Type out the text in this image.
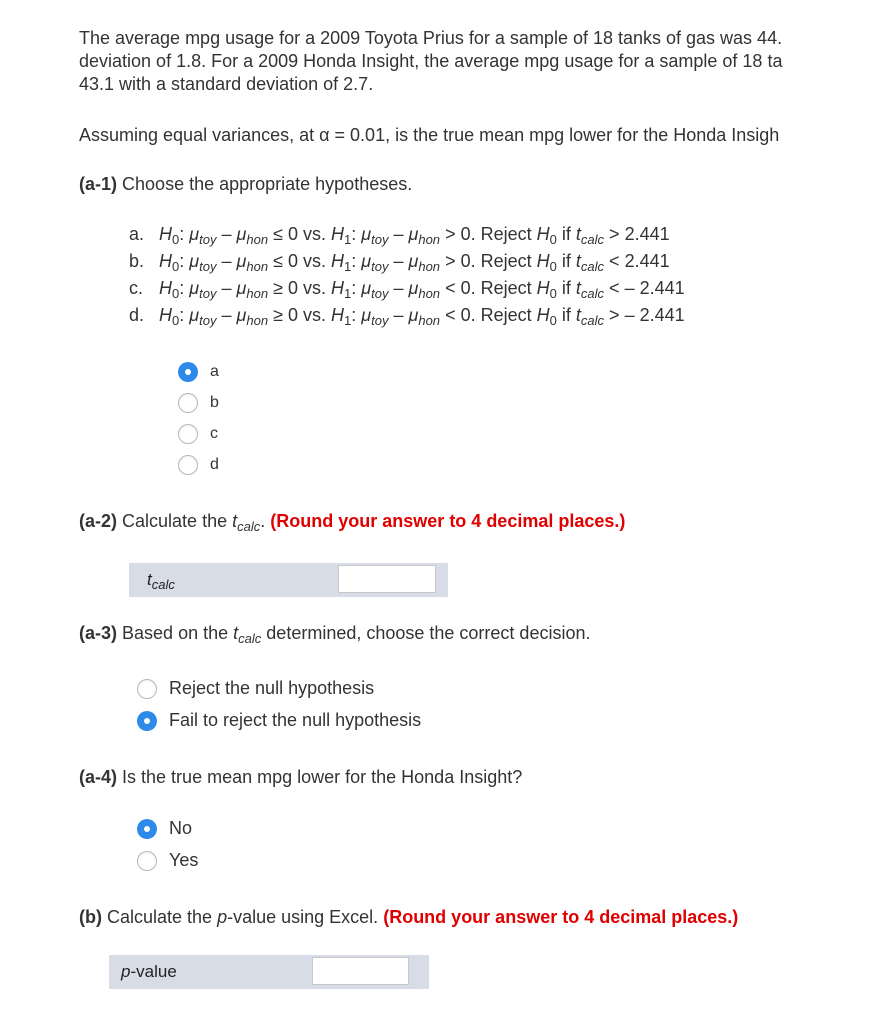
The average mpg usage for a 2009 Toyota Prius for a sample of 18 tanks of gas was 44.
deviation of 1.8. For a 2009 Honda Insight, the average mpg usage for a sample of 18 ta
43.1 with a standard deviation of 2.7.
Assuming equal variances, at α = 0.01, is the true mean mpg lower for the Honda Insigh
(a-1) Choose the appropriate hypotheses.
a. $H_0$: $\mu_{toy} - \mu_{hon} \le 0$ vs. $H_1$: $\mu_{toy} - \mu_{hon} > 0$. Reject $H_0$ if $t_{calc} > 2.441$
b. $H_0$: $\mu_{toy} - \mu_{hon} \le 0$ vs. $H_1$: $\mu_{toy} - \mu_{hon} > 0$. Reject $H_0$ if $t_{calc} < 2.441$
c. $H_0$: $\mu_{toy} - \mu_{hon} \ge 0$ vs. $H_1$: $\mu_{toy} - \mu_{hon} < 0$. Reject $H_0$ if $t_{calc}$ < – 2.441
d. $H_0$: $\mu_{toy} - \mu_{hon} \ge 0$ vs. $H_1$: $\mu_{toy} - \mu_{hon} < 0$. Reject $H_0$ if $t_{calc}$ > – 2.441
a
b
c
d
(a-2) Calculate the $t_{calc}$. (Round your answer to 4 decimal places.)
$t_{calc}$
(a-3) Based on the $t_{calc}$ determined, choose the correct decision.
Reject the null hypothesis
Fail to reject the null hypothesis
(a-4) Is the true mean mpg lower for the Honda Insight?
No
Yes
(b) Calculate the p-value using Excel. (Round your answer to 4 decimal places.)
p-value
